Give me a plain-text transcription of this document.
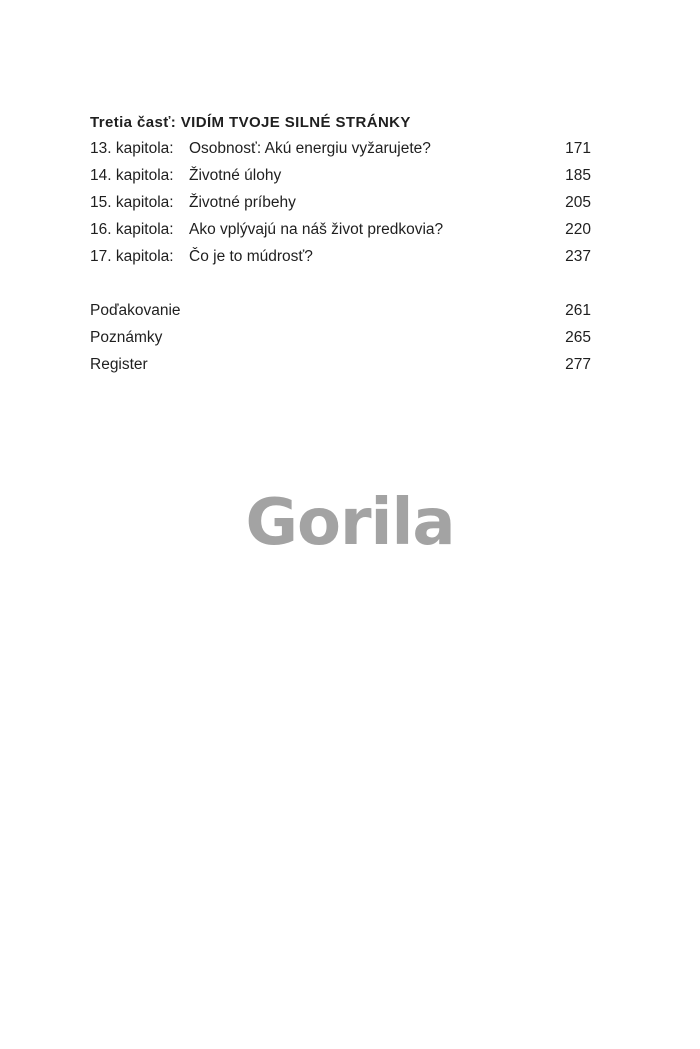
Tretia časť: VIDÍM TVOJE SILNÉ STRÁNKY
13. kapitola: Osobnosť: Akú energiu vyžarujete?	171
14. kapitola: Životné úlohy	185
15. kapitola: Životné príbehy	205
16. kapitola: Ako vplývajú na náš život predkovia?	220
17. kapitola: Čo je to múdrosť?	237
Poďakovanie	261
Poznámky	265
Register	277
Gorila
